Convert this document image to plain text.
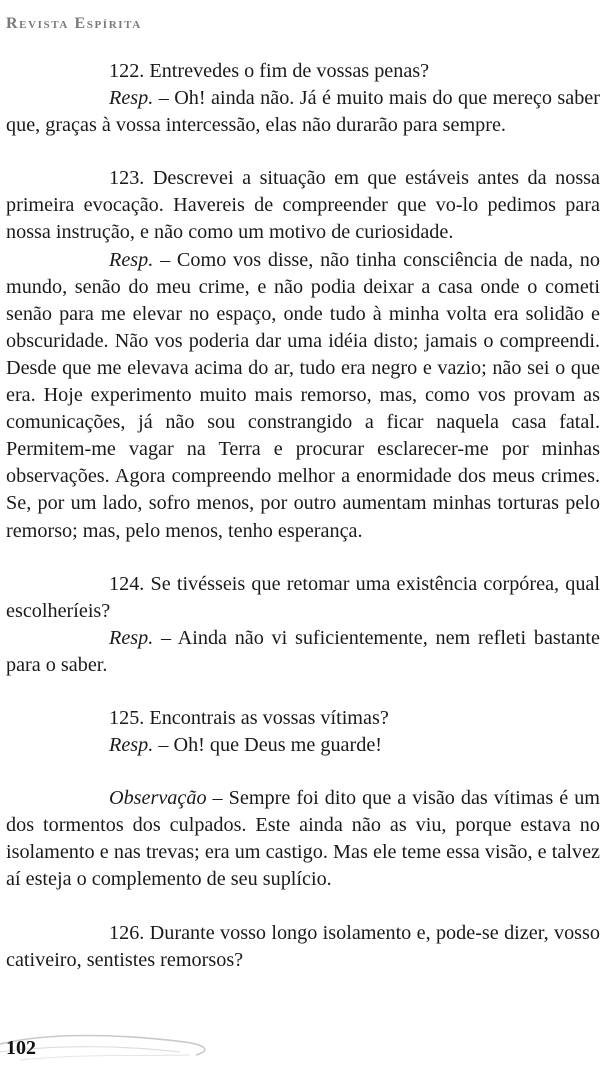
Revista Espírita

122. Entrevedes o fim de vossas penas?

Resp. – Oh! ainda não. Já é muito mais do que mereço saber que, graças à vossa intercessão, elas não durarão para sempre.

123. Descrevei a situação em que estáveis antes da nossa primeira evocação. Havereis de compreender que vo-lo pedimos para nossa instrução, e não como um motivo de curiosidade.

Resp. – Como vos disse, não tinha consciência de nada, no mundo, senão do meu crime, e não podia deixar a casa onde o cometi senão para me elevar no espaço, onde tudo à minha volta era solidão e obscuridade. Não vos poderia dar uma idéia disto; jamais o compreendi. Desde que me elevava acima do ar, tudo era negro e vazio; não sei o que era. Hoje experimento muito mais remorso, mas, como vos provam as comunicações, já não sou constrangido a ficar naquela casa fatal. Permitem-me vagar na Terra e procurar esclarecer-me por minhas observações. Agora compreendo melhor a enormidade dos meus crimes. Se, por um lado, sofro menos, por outro aumentam minhas torturas pelo remorso; mas, pelo menos, tenho esperança.

124. Se tivésseis que retomar uma existência corpórea, qual escolheríeis?

Resp. – Ainda não vi suficientemente, nem refleti bastante para o saber.

125. Encontrais as vossas vítimas?

Resp. – Oh! que Deus me guarde!

Observação – Sempre foi dito que a visão das vítimas é um dos tormentos dos culpados. Este ainda não as viu, porque estava no isolamento e nas trevas; era um castigo. Mas ele teme essa visão, e talvez aí esteja o complemento de seu suplício.

126. Durante vosso longo isolamento e, pode-se dizer, vosso cativeiro, sentistes remorsos?

102
